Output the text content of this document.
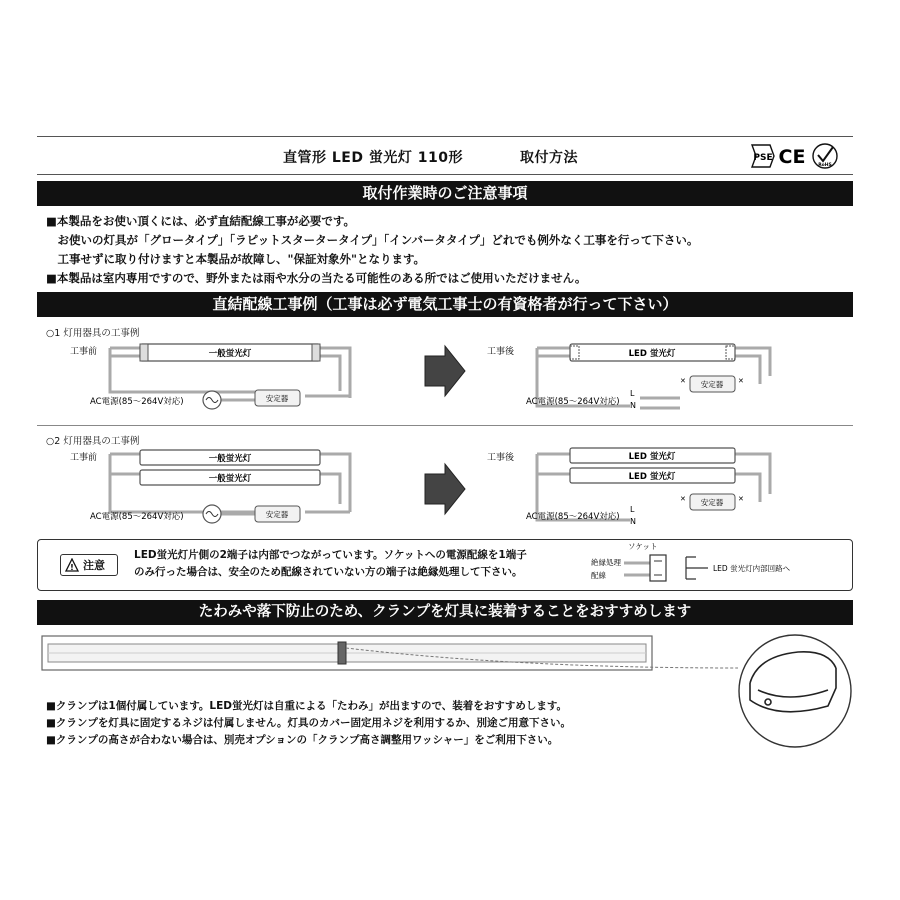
直管形 LED 蛍光灯 110形	取付方法	PSE CE	RoHS
取付作業時のご注意事項
■本製品をお使い頂くには、必ず直結配線工事が必要です。
　お使いの灯具が「グロータイプ」「ラピットスタータータイプ」「インバータタイプ」どれでも例外なく工事を行って下さい。
　工事せずに取り付けますと本製品が故障し、"保証対象外"となります。
■本製品は室内専用ですので、野外または雨や水分の当たる可能性のある所ではご使用いただけません。
直結配線工事例（工事は必ず電気工事士の有資格者が行って下さい）
○1 灯用器具の工事例
工事前	一般蛍光灯
AC電源(85〜264V対応)	安定器
工事後	LED 蛍光灯
安定器
✕	✕
AC電源(85〜264V対応)
L
N
○2 灯用器具の工事例
工事前	一般蛍光灯
一般蛍光灯
AC電源(85〜264V対応)	安定器
工事後	LED 蛍光灯
LED 蛍光灯
安定器
✕	✕
AC電源(85〜264V対応)
L
N
! 注意
LED蛍光灯片側の2端子は内部でつながっています。ソケットへの電源配線を1端子
のみ行った場合は、安全のため配線されていない方の端子は絶縁処理して下さい。
ソケット
絶縁処理
配線
LED 蛍光灯内部回路へ
たわみや落下防止のため、クランプを灯具に装着することをおすすめします
■クランプは1個付属しています。LED蛍光灯は自重による「たわみ」が出ますので、装着をおすすめします。
■クランプを灯具に固定するネジは付属しません。灯具のカバー固定用ネジを利用するか、別途ご用意下さい。
■クランプの高さが合わない場合は、別売オプションの「クランプ高さ調整用ワッシャー」をご利用下さい。
